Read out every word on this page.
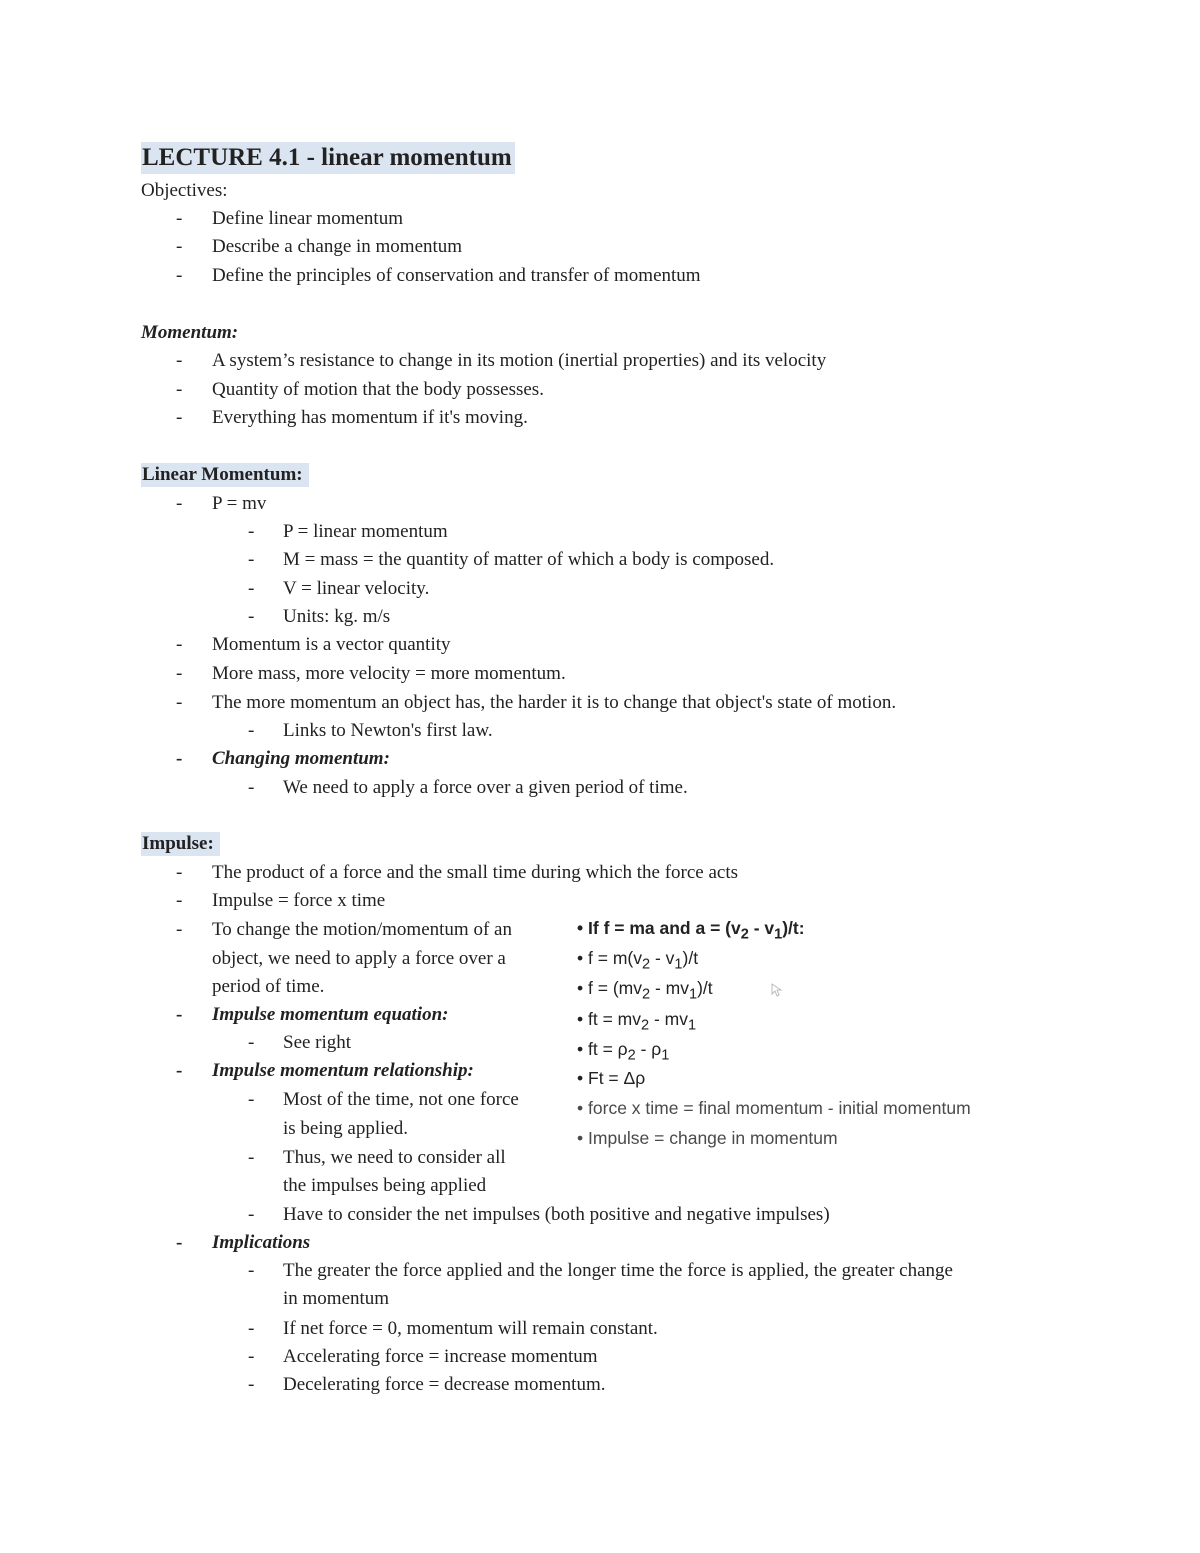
LECTURE 4.1 - linear momentum
Objectives:
- Define linear momentum
- Describe a change in momentum
- Define the principles of conservation and transfer of momentum
Momentum:
- A system’s resistance to change in its motion (inertial properties) and its velocity
- Quantity of motion that the body possesses.
- Everything has momentum if it's moving.
Linear Momentum:
- P = mv
- P = linear momentum
- M = mass = the quantity of matter of which a body is composed.
- V = linear velocity.
- Units: kg. m/s
- Momentum is a vector quantity
- More mass, more velocity = more momentum.
- The more momentum an object has, the harder it is to change that object's state of motion.
- Links to Newton's first law.
- Changing momentum:
- We need to apply a force over a given period of time.
Impulse:
- The product of a force and the small time during which the force acts
- Impulse = force x time
- To change the motion/momentum of an
object, we need to apply a force over a
period of time.
- Impulse momentum equation:
- See right
- Impulse momentum relationship:
- Most of the time, not one force
is being applied.
- Thus, we need to consider all
the impulses being applied
- Have to consider the net impulses (both positive and negative impulses)
- Implications
- The greater the force applied and the longer time the force is applied, the greater change
in momentum
- If net force = 0, momentum will remain constant.
- Accelerating force = increase momentum
- Decelerating force = decrease momentum.
• If f = ma and $a = (v_2 - v_1)/t$:
• $f = m(v_2 - v_1)/t$
• $f = (mv_2 - mv_1)/t$
• ft = $mv_2 - mv_1$
• ft = $\rho_2 - \rho_1$
• Ft = Δρ
• force x time = final momentum - initial momentum
• Impulse = change in momentum
